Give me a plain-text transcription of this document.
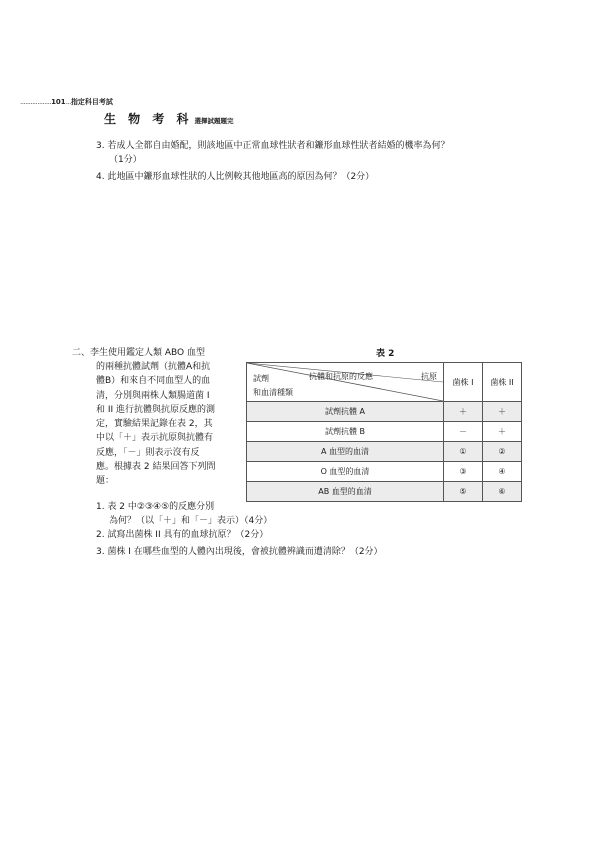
..................101...指定科目考試
生 物 考 科 選擇試題題完
3. 若成人全都自由婚配，則該地區中正常血球性狀者和鐮形血球性狀者結婚的機率為何？
（1分）
4. 此地區中鐮形血球性狀的人比例較其他地區高的原因為何？（2分）
二、李生使用鑑定人類 ABO 血型
的兩種抗體試劑（抗體A和抗
體B）和來自不同血型人的血
清，分別與兩株人類腸道菌 I
和 II 進行抗體與抗原反應的測
定，實驗結果記錄在表 2，其
中以「＋」表示抗原與抗體有
反應，「－」則表示沒有反
應。根據表 2 結果回答下列問
題：
表 2
試劑
和血清種類
抗體和抗原的反應 抗原	菌株 I	菌株 II
試劑抗體 A	＋	＋
試劑抗體 B	－	＋
A 血型的血清	①	②
O 血型的血清	③	④
AB 血型的血清	⑤	⑥
1. 表 2 中②③④⑤的反應分別
為何？（以「＋」和「－」表示）（4分）
2. 試寫出菌株 II 具有的血球抗原？（2分）
3. 菌株 I 在哪些血型的人體內出現後，會被抗體辨識而遭清除？（2分）
